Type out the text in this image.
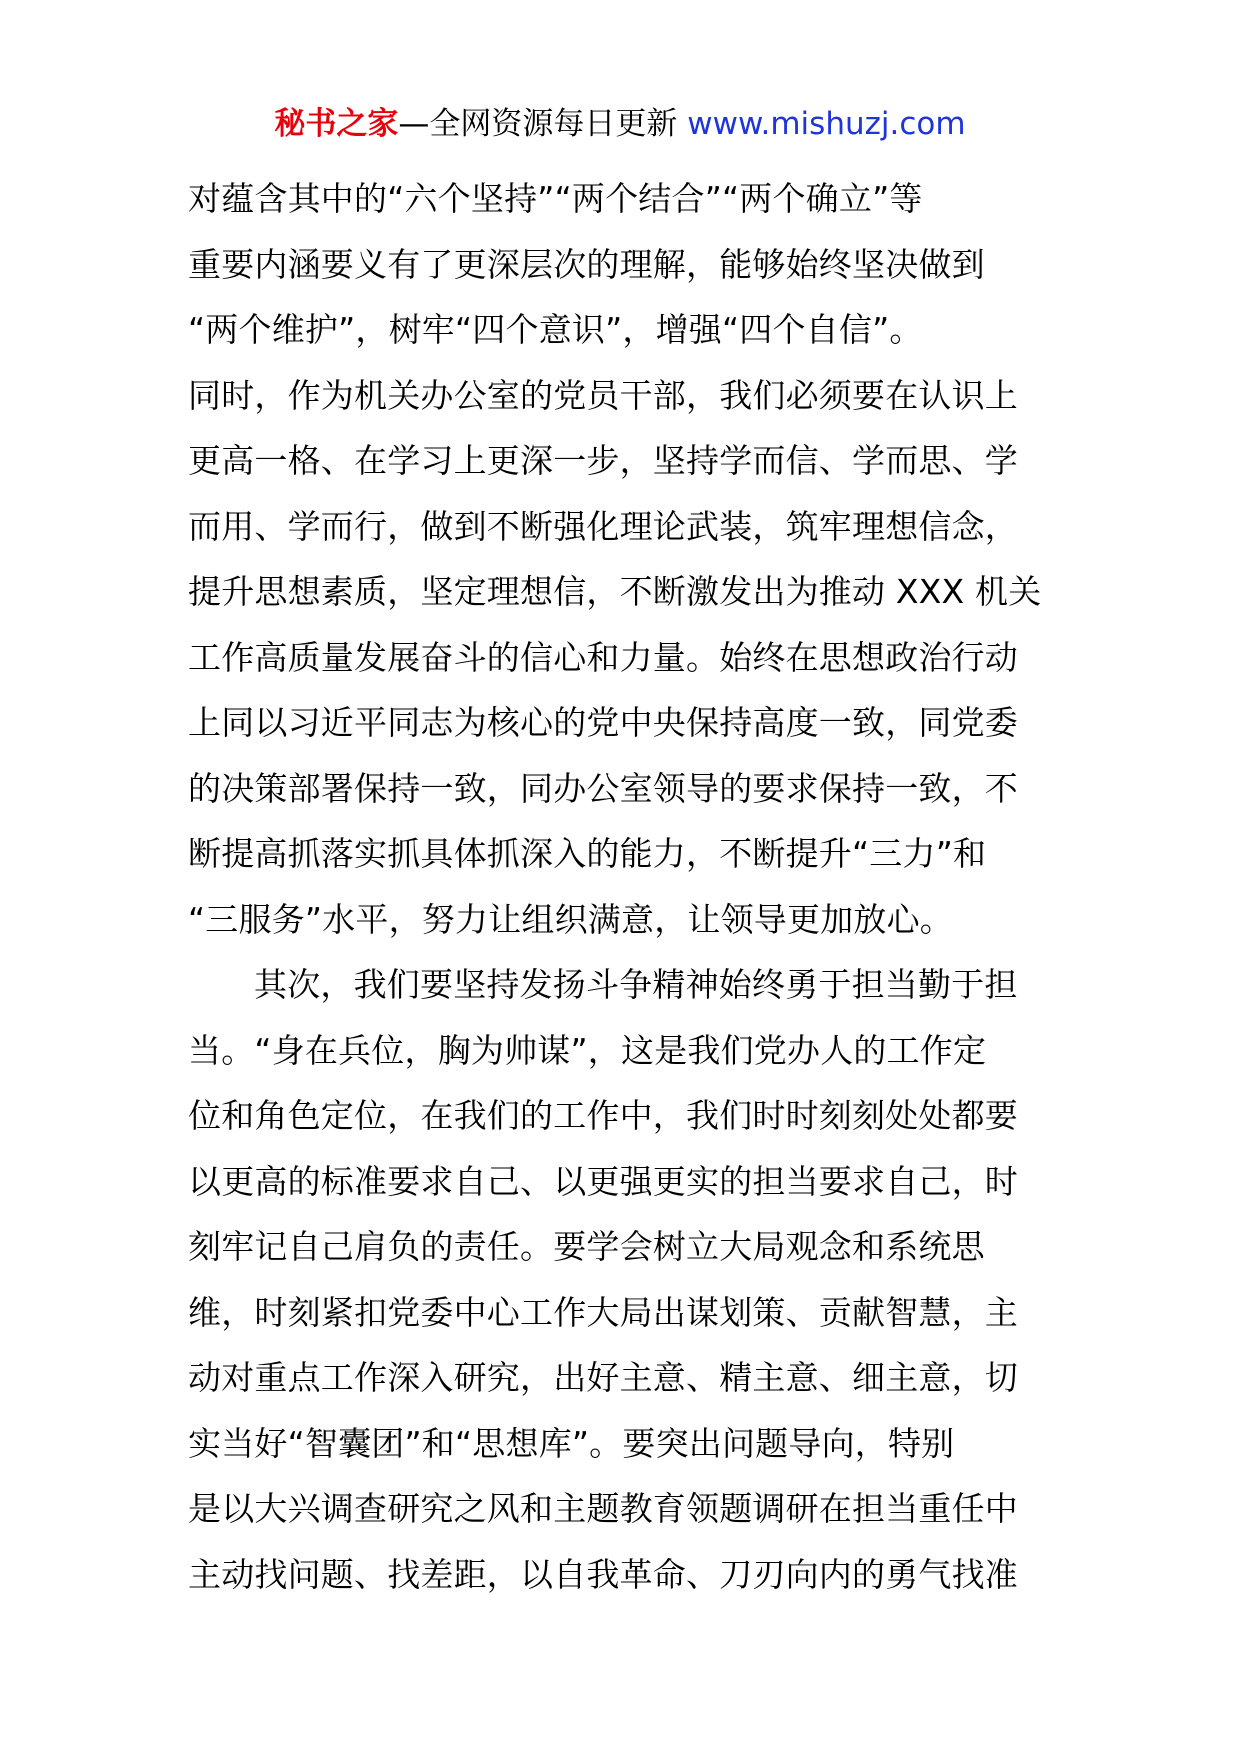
秘书之家—全网资源每日更新 www.mishuzj.com
对蕴含其中的“六个坚持”“两个结合”“两个确立”等
重要内涵要义有了更深层次的理解，能够始终坚决做到
“两个维护”，树牢“四个意识”，增强“四个自信”。
同时，作为机关办公室的党员干部，我们必须要在认识上
更高一格、在学习上更深一步，坚持学而信、学而思、学
而用、学而行，做到不断强化理论武装，筑牢理想信念，
提升思想素质，坚定理想信，不断激发出为推动 XXX 机关
工作高质量发展奋斗的信心和力量。始终在思想政治行动
上同以习近平同志为核心的党中央保持高度一致，同党委
的决策部署保持一致，同办公室领导的要求保持一致，不
断提高抓落实抓具体抓深入的能力，不断提升“三力”和
“三服务”水平，努力让组织满意，让领导更加放心。
其次，我们要坚持发扬斗争精神始终勇于担当勤于担
当。“身在兵位，胸为帅谋”，这是我们党办人的工作定
位和角色定位，在我们的工作中，我们时时刻刻处处都要
以更高的标准要求自己、以更强更实的担当要求自己，时
刻牢记自己肩负的责任。要学会树立大局观念和系统思
维，时刻紧扣党委中心工作大局出谋划策、贡献智慧，主
动对重点工作深入研究，出好主意、精主意、细主意，切
实当好“智囊团”和“思想库”。要突出问题导向，特别
是以大兴调查研究之风和主题教育领题调研在担当重任中
主动找问题、找差距，以自我革命、刀刃向内的勇气找准
